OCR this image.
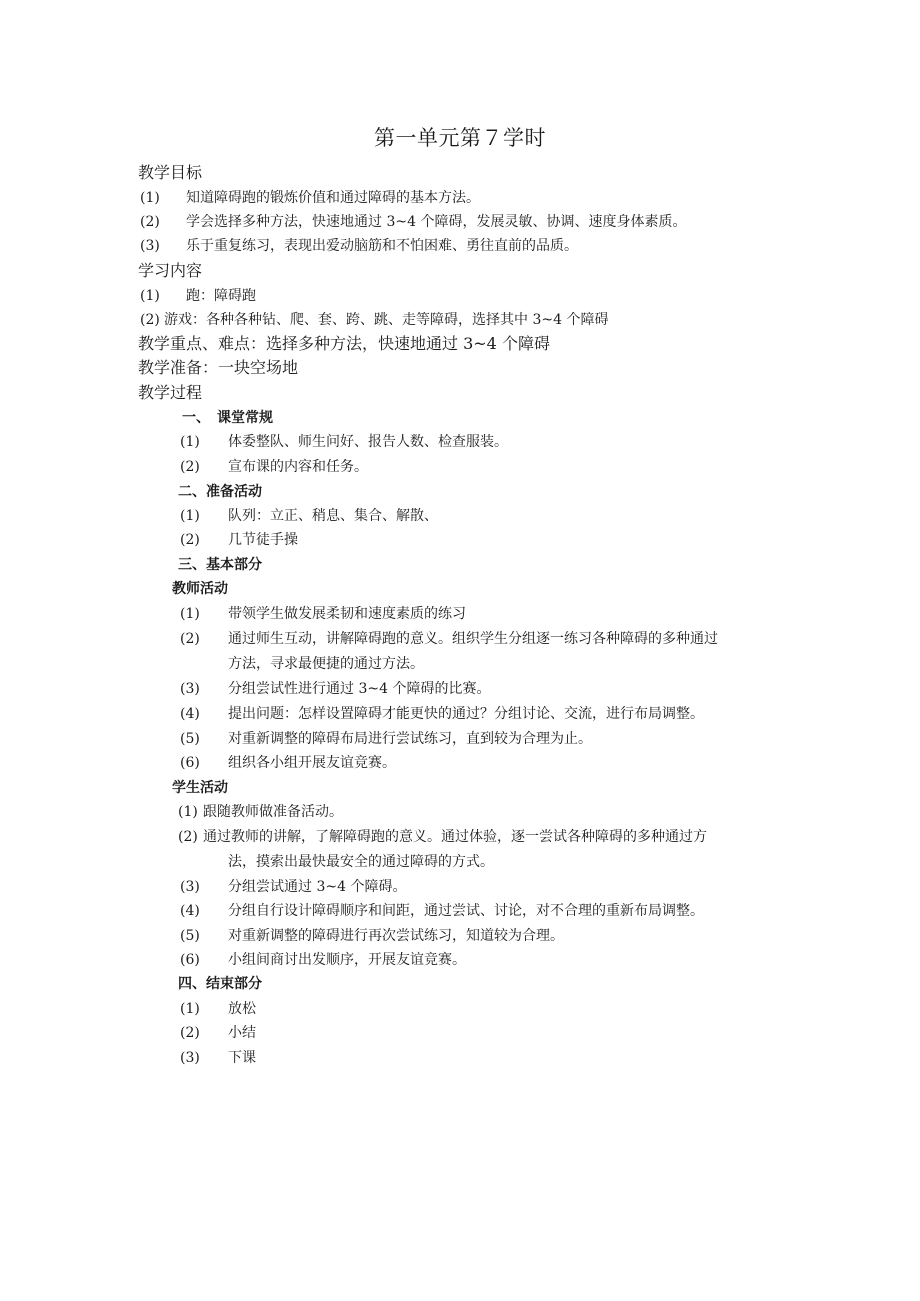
第一单元第７学时
教学目标
(1) 知道障碍跑的锻炼价值和通过障碍的基本方法。
(2) 学会选择多种方法，快速地通过 3~4 个障碍，发展灵敏、协调、速度身体素质。
(3) 乐于重复练习，表现出爱动脑筋和不怕困难、勇往直前的品质。
学习内容
(1) 跑：障碍跑
(2) 游戏：各种各种钻、爬、套、跨、跳、走等障碍，选择其中 3~4 个障碍
教学重点、难点：选择多种方法，快速地通过 3~4 个障碍
教学准备：一块空场地
教学过程
一、　课堂常规
(1) 体委整队、师生问好、报告人数、检查服装。
(2) 宣布课的内容和任务。
二、准备活动
(1) 队列：立正、稍息、集合、解散、
(2) 几节徒手操
三、基本部分
教师活动
(1) 带领学生做发展柔韧和速度素质的练习
(2) 通过师生互动，讲解障碍跑的意义。组织学生分组逐一练习各种障碍的多种通过
方法，寻求最便捷的通过方法。
(3) 分组尝试性进行通过 3~4 个障碍的比赛。
(4) 提出问题：怎样设置障碍才能更快的通过？分组讨论、交流，进行布局调整。
(5) 对重新调整的障碍布局进行尝试练习，直到较为合理为止。
(6) 组织各小组开展友谊竞赛。
学生活动
(1) 跟随教师做准备活动。
(2) 通过教师的讲解，了解障碍跑的意义。通过体验，逐一尝试各种障碍的多种通过方
法，摸索出最快最安全的通过障碍的方式。
(3) 分组尝试通过 3~4 个障碍。
(4) 分组自行设计障碍顺序和间距，通过尝试、讨论，对不合理的重新布局调整。
(5) 对重新调整的障碍进行再次尝试练习，知道较为合理。
(6) 小组间商讨出发顺序，开展友谊竞赛。
四、结束部分
(1) 放松
(2) 小结
(3) 下课
